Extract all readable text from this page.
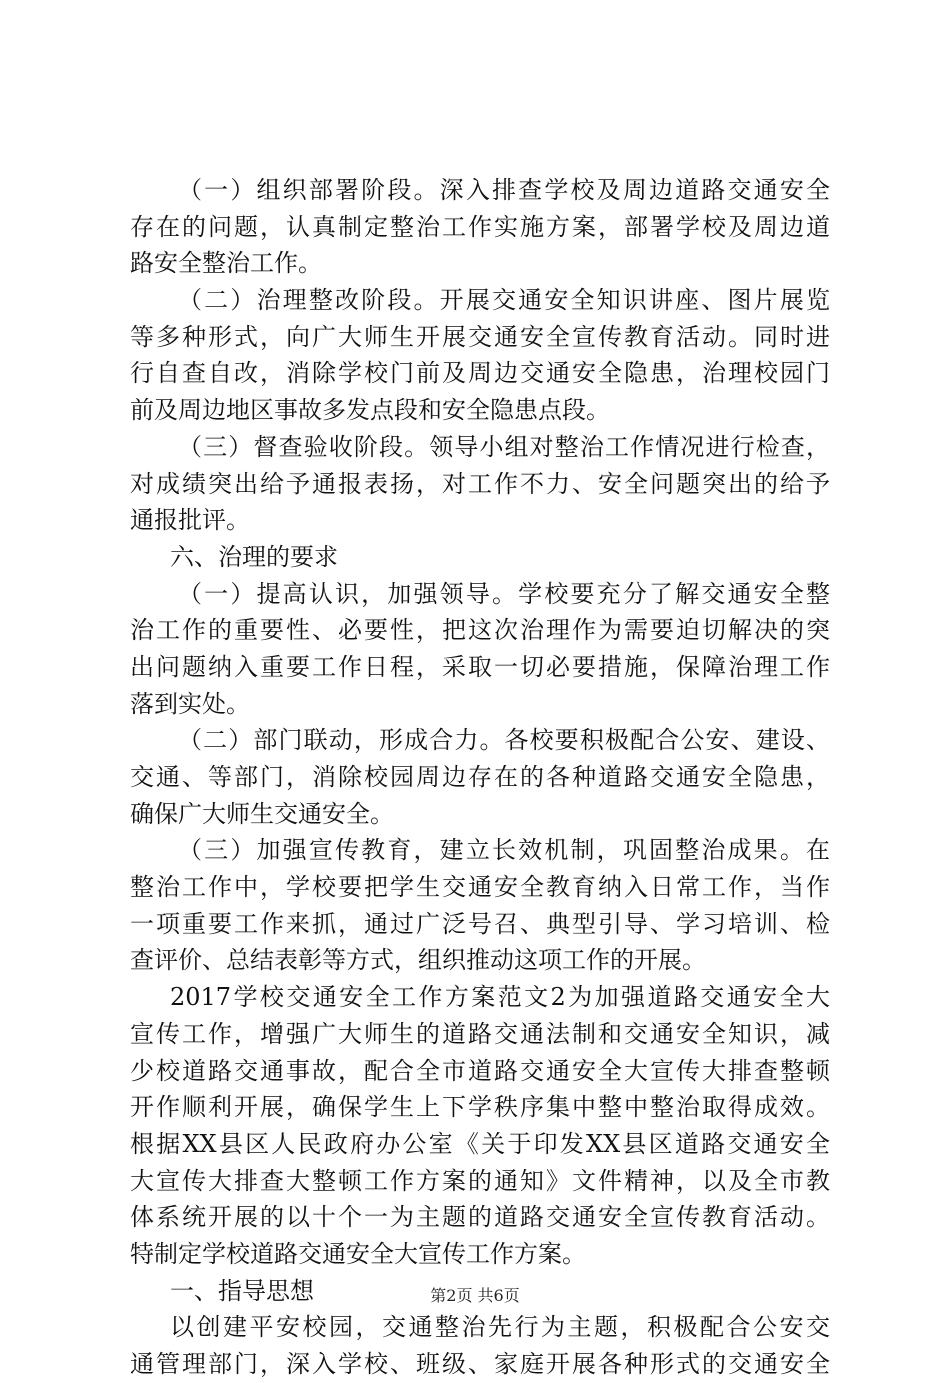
（一）组织部署阶段。深入排查学校及周边道路交通安全
存在的问题，认真制定整治工作实施方案，部署学校及周边道
路安全整治工作。
（二）治理整改阶段。开展交通安全知识讲座、图片展览
等多种形式，向广大师生开展交通安全宣传教育活动。同时进
行自查自改，消除学校门前及周边交通安全隐患，治理校园门
前及周边地区事故多发点段和安全隐患点段。
（三）督查验收阶段。领导小组对整治工作情况进行检查，
对成绩突出给予通报表扬，对工作不力、安全问题突出的给予
通报批评。
六、治理的要求
（一）提高认识，加强领导。学校要充分了解交通安全整
治工作的重要性、必要性，把这次治理作为需要迫切解决的突
出问题纳入重要工作日程，采取一切必要措施，保障治理工作
落到实处。
（二）部门联动，形成合力。各校要积极配合公安、建设、
交通、等部门，消除校园周边存在的各种道路交通安全隐患，
确保广大师生交通安全。
（三）加强宣传教育，建立长效机制，巩固整治成果。在
整治工作中，学校要把学生交通安全教育纳入日常工作，当作
一项重要工作来抓，通过广泛号召、典型引导、学习培训、检
查评价、总结表彰等方式，组织推动这项工作的开展。
2017学校交通安全工作方案范文2为加强道路交通安全大
宣传工作，增强广大师生的道路交通法制和交通安全知识，减
少校道路交通事故，配合全市道路交通安全大宣传大排查整顿
开作顺利开展，确保学生上下学秩序集中整中整治取得成效。
根据XX县区人民政府办公室《关于印发XX县区道路交通安全
大宣传大排查大整顿工作方案的通知》文件精神，以及全市教
体系统开展的以十个一为主题的道路交通安全宣传教育活动。
特制定学校道路交通安全大宣传工作方案。
一、指导思想
以创建平安校园，交通整治先行为主题，积极配合公安交
通管理部门，深入学校、班级、家庭开展各种形式的交通安全
第2页 共6页
